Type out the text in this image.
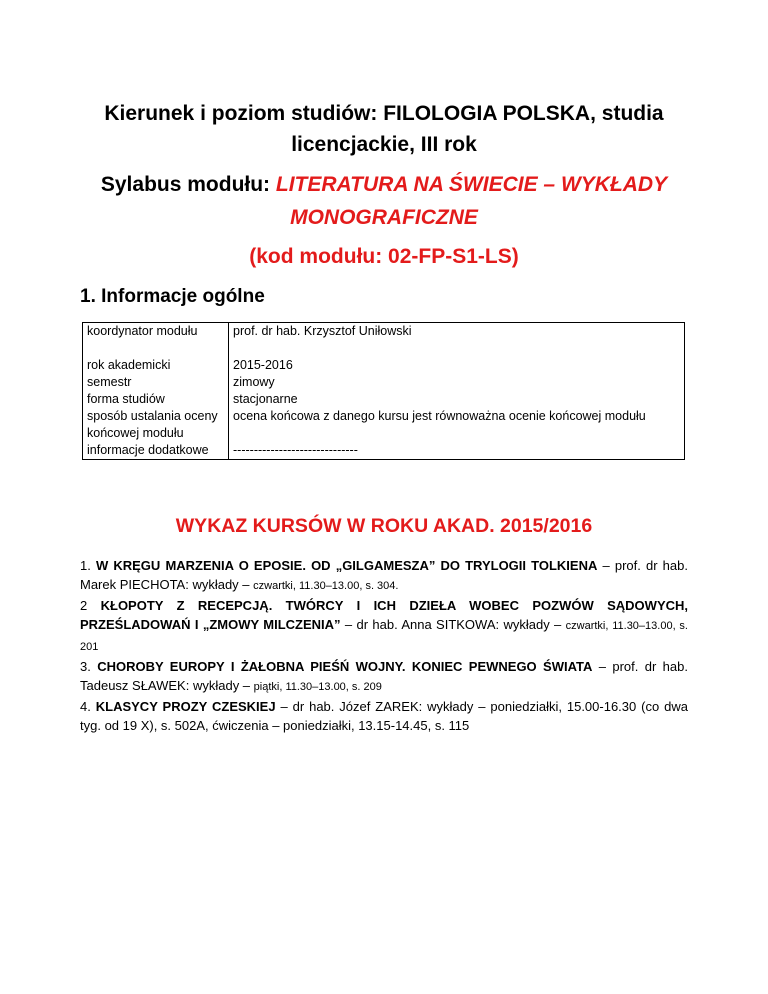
Kierunek i poziom studiów: FILOLOGIA POLSKA, studia
licencjackie, III rok
Sylabus modułu: LITERATURA NA ŚWIECIE – WYKŁADY
MONOGRAFICZNE
(kod modułu: 02-FP-S1-LS)
1. Informacje ogólne
koordynator modułu	prof. dr hab. Krzysztof Uniłowski
rok akademicki	2015-2016
semestr	zimowy
forma studiów	stacjonarne
sposób ustalania oceny końcowej modułu	ocena końcowa z danego kursu jest równoważna ocenie końcowej modułu
informacje dodatkowe	------------------------------
WYKAZ KURSÓW W ROKU AKAD. 2015/2016

1. W KRĘGU MARZENIA O EPOSIE. OD „GILGAMESZA” DO TRYLOGII TOLKIENA – prof. dr hab. Marek PIECHOTA: wykłady – czwartki, 11.30–13.00, s. 304.

2 KŁOPOTY Z RECEPCJĄ. TWÓRCY I ICH DZIEŁA WOBEC POZWÓW SĄDOWYCH, PRZEŚLADOWAŃ I „ZMOWY MILCZENIA” – dr hab. Anna SITKOWA: wykłady – czwartki, 11.30–13.00, s. 201

3. CHOROBY EUROPY I ŻAŁOBNA PIEŚŃ WOJNY. KONIEC PEWNEGO ŚWIATA – prof. dr hab. Tadeusz SŁAWEK: wykłady – piątki, 11.30–13.00, s. 209

4. KLASYCY PROZY CZESKIEJ – dr hab. Józef ZAREK: wykłady – poniedziałki, 15.00-16.30 (co dwa tyg. od 19 X), s. 502A, ćwiczenia – poniedziałki, 13.15-14.45, s. 115
